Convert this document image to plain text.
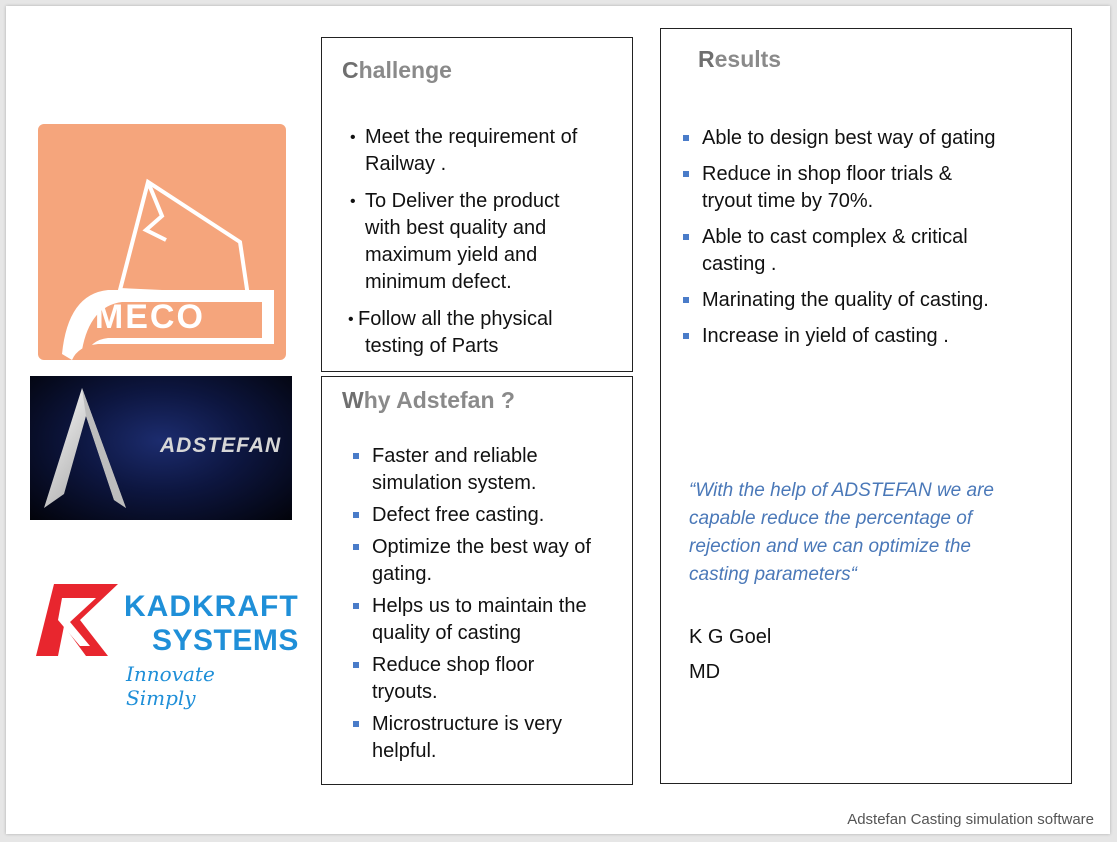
JMECO
ADSTEFAN

KADKRAFT

SYSTEMS

Innovate Simply

Challenge
• Meet the requirement of
Railway .
• To Deliver the product
with best quality and
maximum yield and
minimum defect.
• Follow all the physical
testing of Parts
Why Adstefan ?
Faster and reliable
simulation system.
Defect free casting.
Optimize the best way of
gating.
Helps us to maintain the
quality of casting
Reduce shop floor
tryouts.
Microstructure is very
helpful.
Results
Able to design best way of gating
Reduce in shop floor trials &
tryout time by 70%.
Able to cast complex & critical
casting .
Marinating the quality of casting.
Increase in yield of casting .

“With the help of ADSTEFAN we are
capable reduce the percentage of
rejection and we can optimize the
casting parameters“

K G Goel

MD

Adstefan Casting simulation software
